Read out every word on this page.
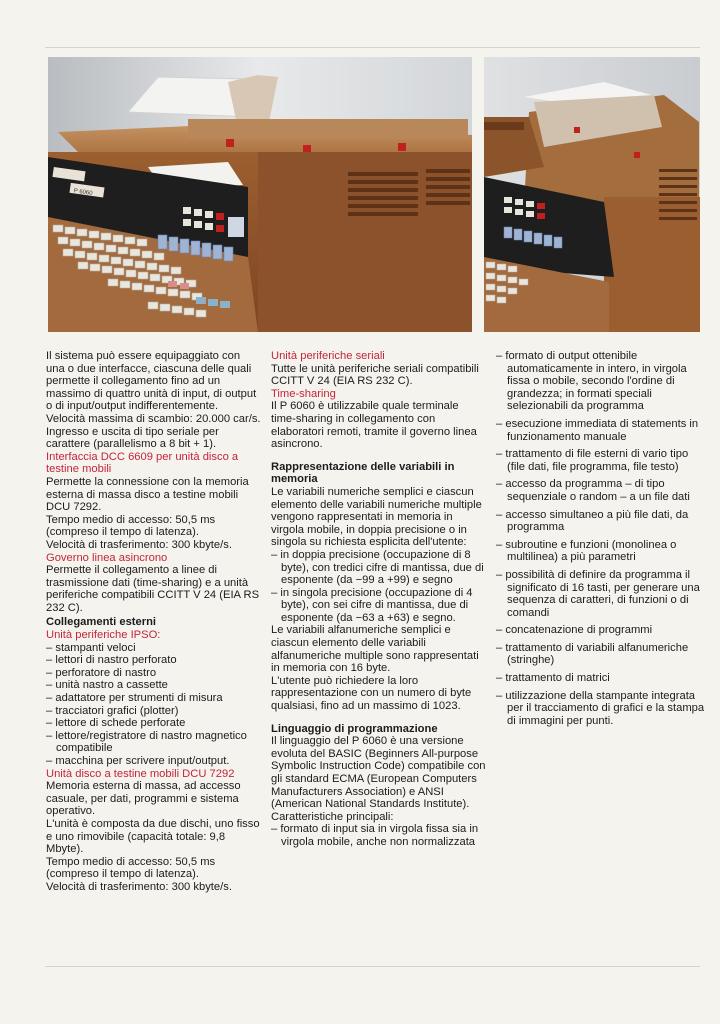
P 6060

Il sistema può essere equipaggiato con una o due interfacce, ciascuna delle quali permette il collegamento fino ad un massimo di quattro unità di input, di output o di input/output indifferentemente.

Velocità massima di scambio: 20.000 car/s.

Ingresso e uscita di tipo seriale per carattere (parallelismo a 8 bit + 1).

Interfaccia DCC 6609 per unità disco a testine mobili

Permette la connessione con la memoria esterna di massa disco a testine mobili DCU 7292.

Tempo medio di accesso: 50,5 ms (compreso il tempo di latenza).

Velocità di trasferimento: 300 kbyte/s.

Governo linea asincrono

Permette il collegamento a linee di trasmissione dati (time-sharing) e a unità periferiche compatibili CCITT V 24 (EIA RS 232 C).

Collegamenti esterni

Unità periferiche IPSO:

– stampanti veloci

– lettori di nastro perforato

– perforatore di nastro

– unità nastro a cassette

– adattatore per strumenti di misura

– tracciatori grafici (plotter)

– lettore di schede perforate

– lettore/registratore di nastro magnetico compatibile

– macchina per scrivere input/output.

Unità disco a testine mobili DCU 7292

Memoria esterna di massa, ad accesso casuale, per dati, programmi e sistema operativo.

L'unità è composta da due dischi, uno fisso e uno rimovibile (capacità totale: 9,8 Mbyte).

Tempo medio di accesso: 50,5 ms (compreso il tempo di latenza).

Velocità di trasferimento: 300 kbyte/s.

Unità periferiche seriali

Tutte le unità periferiche seriali compatibili CCITT V 24 (EIA RS 232 C).

Time-sharing

Il P 6060 è utilizzabile quale terminale time-sharing in collegamento con elaboratori remoti, tramite il governo linea asincrono.

Rappresentazione delle variabili in memoria

Le variabili numeriche semplici e ciascun elemento delle variabili numeriche multiple vengono rappresentati in memoria in virgola mobile, in doppia precisione o in singola su richiesta esplicita dell'utente:

– in doppia precisione (occupazione di 8 byte), con tredici cifre di mantissa, due di esponente (da −99 a +99) e segno

– in singola precisione (occupazione di 4 byte), con sei cifre di mantissa, due di esponente (da −63 a +63) e segno.

Le variabili alfanumeriche semplici e ciascun elemento delle variabili alfanumeriche multiple sono rappresentati in memoria con 16 byte.

L'utente può richiedere la loro rappresentazione con un numero di byte qualsiasi, fino ad un massimo di 1023.

Linguaggio di programmazione

Il linguaggio del P 6060 è una versione evoluta del BASIC (Beginners All-purpose Symbolic Instruction Code) compatibile con gli standard ECMA (European Computers Manufacturers Association) e ANSI (American National Standards Institute).

Caratteristiche principali:

– formato di input sia in virgola fissa sia in virgola mobile, anche non normalizzata

– formato di output ottenibile automaticamente in intero, in virgola fissa o mobile, secondo l'ordine di grandezza; in formati speciali selezionabili da programma

– esecuzione immediata di statements in funzionamento manuale

– trattamento di file esterni di vario tipo (file dati, file programma, file testo)

– accesso da programma – di tipo sequenziale o random – a un file dati

– accesso simultaneo a più file dati, da programma

– subroutine e funzioni (monolinea o multilinea) a più parametri

– possibilità di definire da programma il significato di 16 tasti, per generare una sequenza di caratteri, di funzioni o di comandi

– concatenazione di programmi

– trattamento di variabili alfanumeriche (stringhe)

– trattamento di matrici

– utilizzazione della stampante integrata per il tracciamento di grafici e la stampa di immagini per punti.
